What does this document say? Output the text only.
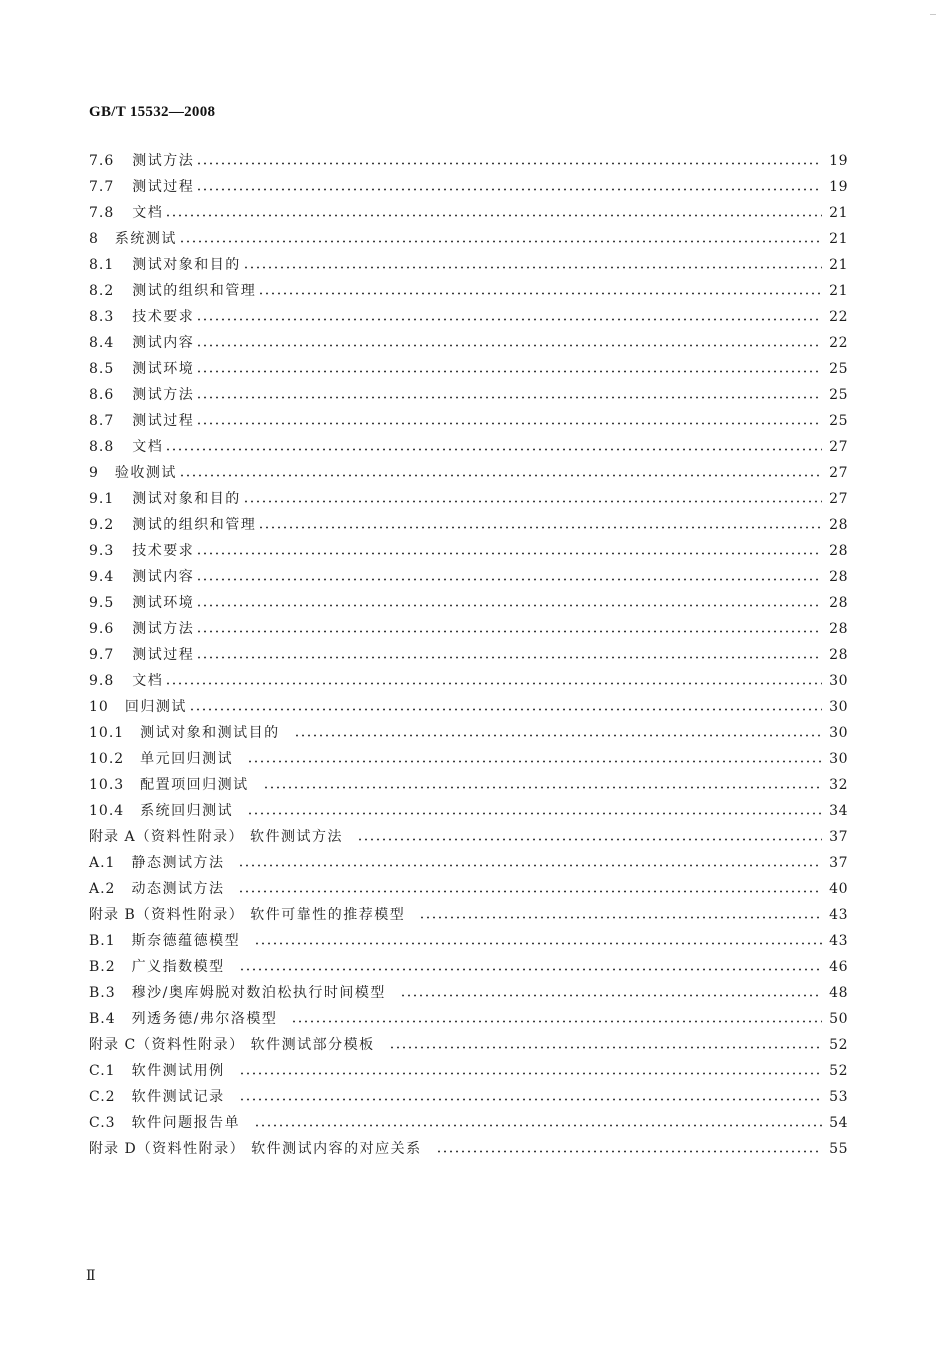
GB/T 15532—2008
7.6 测试方法	19
7.7 测试过程	19
7.8 文档	21
8 系统测试	21
8.1 测试对象和目的	21
8.2 测试的组织和管理	21
8.3 技术要求	22
8.4 测试内容	22
8.5 测试环境	25
8.6 测试方法	25
8.7 测试过程	25
8.8 文档	27
9 验收测试	27
9.1 测试对象和目的	27
9.2 测试的组织和管理	28
9.3 技术要求	28
9.4 测试内容	28
9.5 测试环境	28
9.6 测试方法	28
9.7 测试过程	28
9.8 文档	30
10 回归测试	30
10.1 测试对象和测试目的	30
10.2 单元回归测试	30
10.3 配置项回归测试	32
10.4 系统回归测试	34
附录 A （资料性附录） 软件测试方法	37
A.1 静态测试方法	37
A.2 动态测试方法	40
附录 B （资料性附录） 软件可靠性的推荐模型	43
B.1 斯奈德蕴德模型	43
B.2 广义指数模型	46
B.3 穆沙/奥库姆脱对数泊松执行时间模型	48
B.4 列透务德/弗尔洛模型	50
附录 C （资料性附录） 软件测试部分模板	52
C.1 软件测试用例	52
C.2 软件测试记录	53
C.3 软件问题报告单	54
附录 D （资料性附录） 软件测试内容的对应关系	55
Ⅱ
